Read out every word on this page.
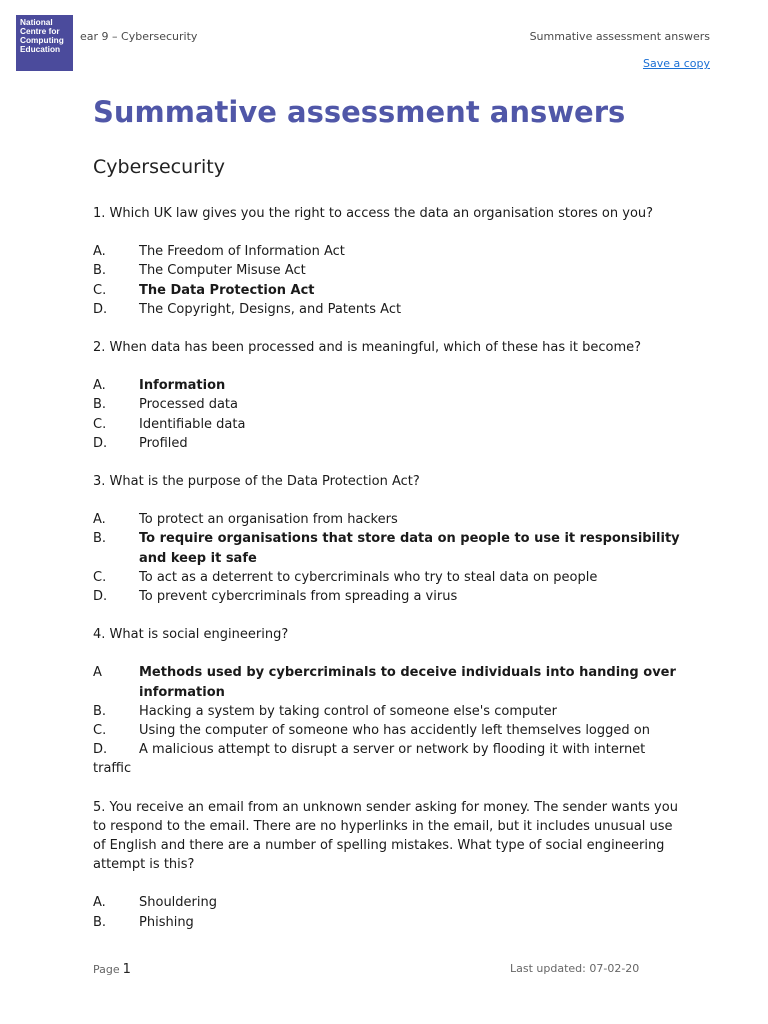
National
Centre for
Computing
Education
ear 9 – Cybersecurity	Summative assessment answers
Save a copy
Summative assessment answers
Cybersecurity

1. Which UK law gives you the right to access the data an organisation stores on you?

A.	The Freedom of Information Act
B.	The Computer Misuse Act
C.	The Data Protection Act
D.	The Copyright, Designs, and Patents Act

2. When data has been processed and is meaningful, which of these has it become?

A.	Information
B.	Processed data
C.	Identifiable data
D.	Profiled

3. What is the purpose of the Data Protection Act?

A.	To protect an organisation from hackers
B.	To require organisations that store data on people to use it responsibility and keep it safe
C.	To act as a deterrent to cybercriminals who try to steal data on people
D.	To prevent cybercriminals from spreading a virus

4. What is social engineering?

A	Methods used by cybercriminals to deceive individuals into handing over information
B.	Hacking a system by taking control of someone else's computer
C.	Using the computer of someone who has accidently left themselves logged on
D. A malicious attempt to disrupt a server or network by flooding it with internet traffic

5. You receive an email from an unknown sender asking for money. The sender wants you to respond to the email. There are no hyperlinks in the email, but it includes unusual use of English and there are a number of spelling mistakes. What type of social engineering attempt is this?

A.	Shouldering
B.	Phishing
Page 1	Last updated: 07-02-20
